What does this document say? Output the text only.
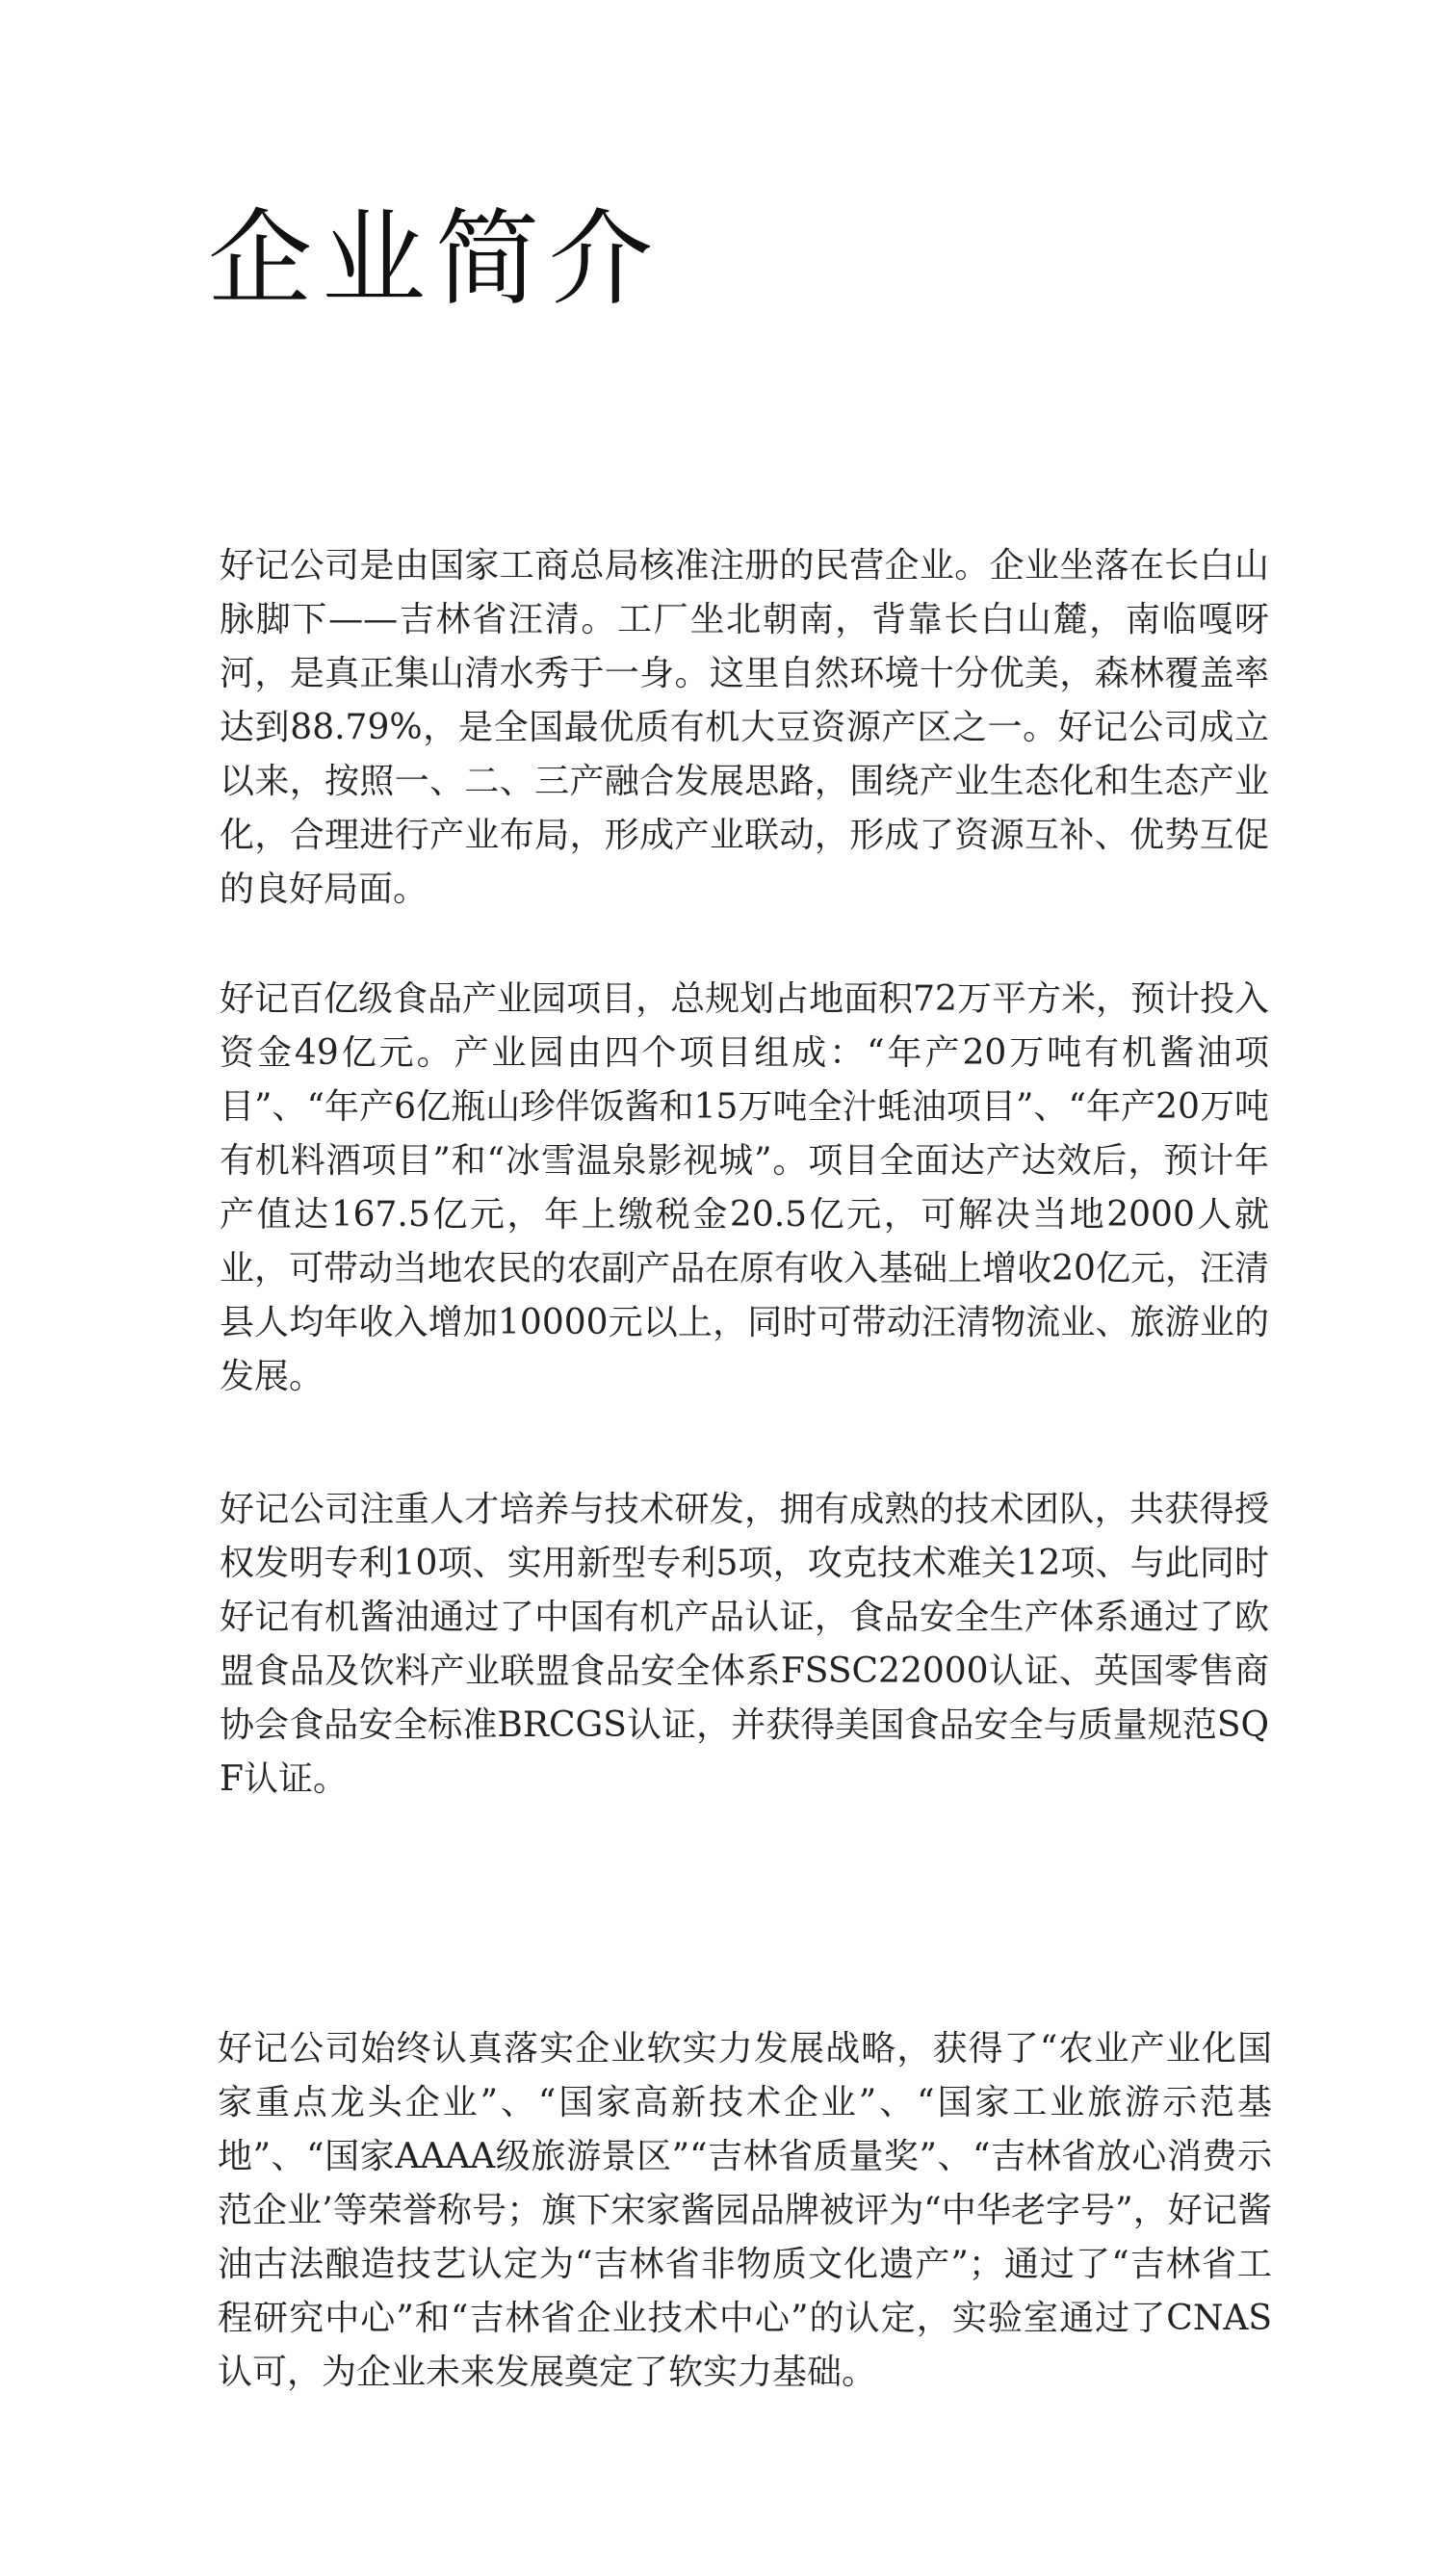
企业简介

好记公司是由国家工商总局核准注册的民营企业。企业坐落在长白山脉脚下——吉林省汪清。工厂坐北朝南，背靠长白山麓，南临嘎呀河，是真正集山清水秀于一身。这里自然环境十分优美，森林覆盖率达到88.79%，是全国最优质有机大豆资源产区之一。好记公司成立以来，按照一、二、三产融合发展思路，围绕产业生态化和生态产业化，合理进行产业布局，形成产业联动，形成了资源互补、优势互促的良好局面。

好记百亿级食品产业园项目，总规划占地面积72万平方米，预计投入资金49亿元。产业园由四个项目组成：“年产20万吨有机酱油项目”、“年产6亿瓶山珍伴饭酱和15万吨全汁蚝油项目”、“年产20万吨有机料酒项目”和“冰雪温泉影视城”。项目全面达产达效后，预计年产值达167.5亿元，年上缴税金20.5亿元，可解决当地2000人就业，可带动当地农民的农副产品在原有收入基础上增收20亿元，汪清县人均年收入增加10000元以上，同时可带动汪清物流业、旅游业的发展。

好记公司注重人才培养与技术研发，拥有成熟的技术团队，共获得授权发明专利10项、实用新型专利5项，攻克技术难关12项、与此同时好记有机酱油通过了中国有机产品认证，食品安全生产体系通过了欧盟食品及饮料产业联盟食品安全体系FSSC22000认证、英国零售商协会食品安全标准BRCGS认证，并获得美国食品安全与质量规范SQF认证。

好记公司始终认真落实企业软实力发展战略，获得了“农业产业化国家重点龙头企业”、“国家高新技术企业”、“国家工业旅游示范基地”、“国家AAAA级旅游景区”“吉林省质量奖”、“吉林省放心消费示范企业’等荣誉称号；旗下宋家酱园品牌被评为“中华老字号”，好记酱油古法酿造技艺认定为“吉林省非物质文化遗产”；通过了“吉林省工程研究中心”和“吉林省企业技术中心”的认定，实验室通过了CNAS认可，为企业未来发展奠定了软实力基础。
